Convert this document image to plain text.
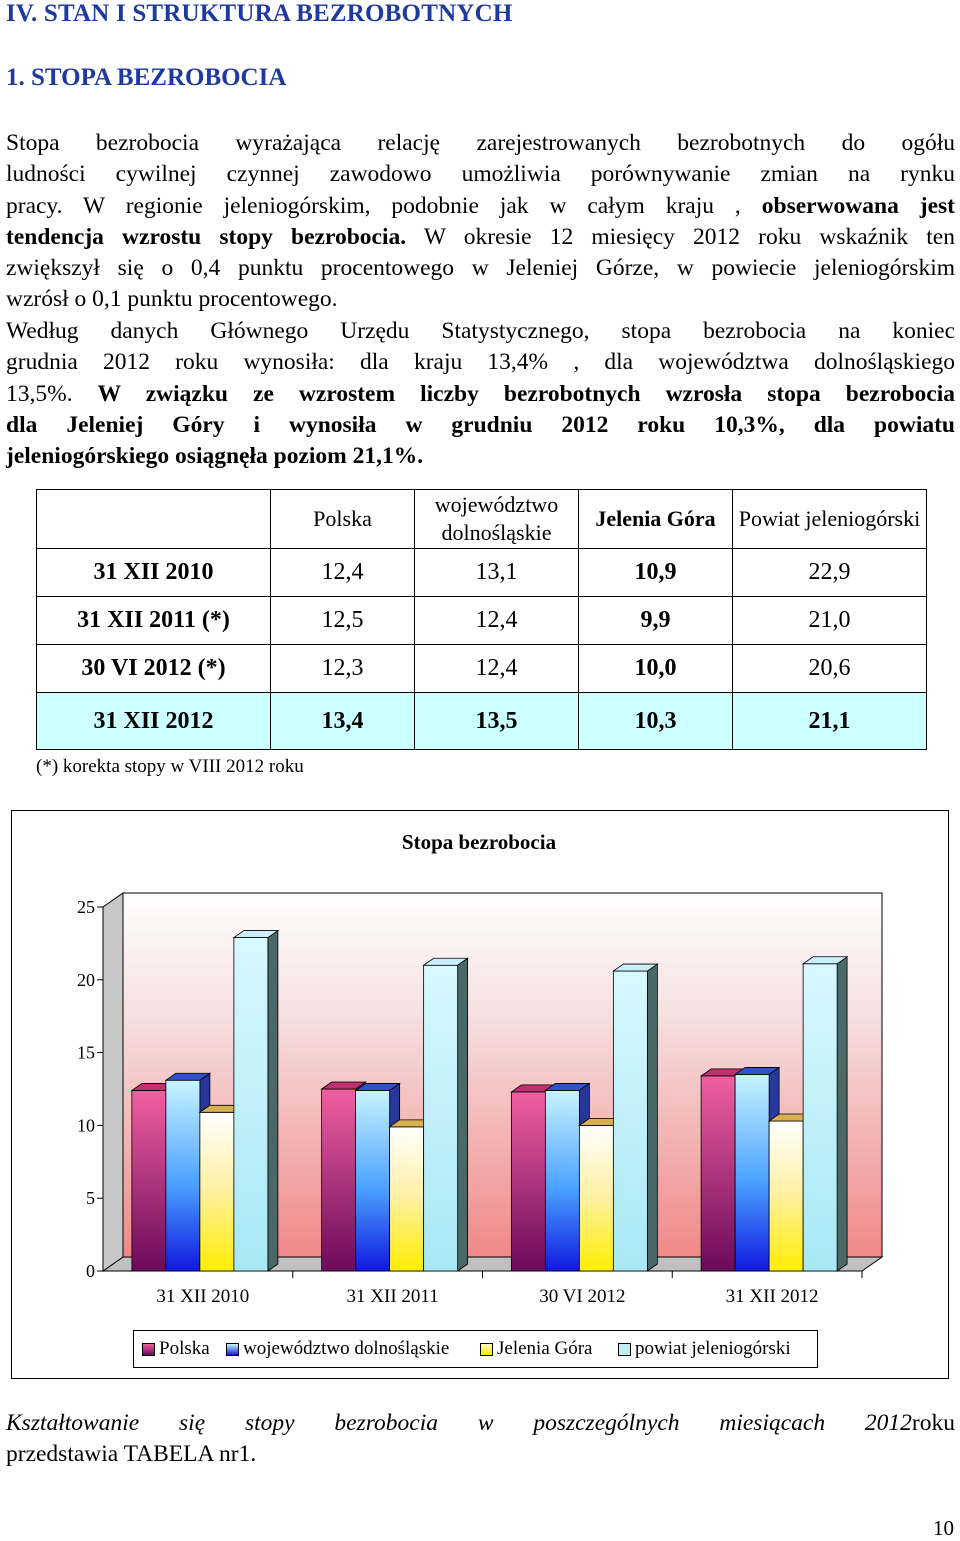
IV. STAN I STRUKTURA BEZROBOTNYCH
1. STOPA BEZROBOCIA
Stopa bezrobocia wyrażająca relację zarejestrowanych bezrobotnych do ogółu
ludności cywilnej czynnej zawodowo umożliwia porównywanie zmian na rynku
pracy. W regionie jeleniogórskim, podobnie jak w całym kraju , obserwowana jest
tendencja wzrostu stopy bezrobocia. W okresie 12 miesięcy 2012 roku wskaźnik ten
zwiększył się o 0,4 punktu procentowego w Jeleniej Górze, w powiecie jeleniogórskim
wzrósł o 0,1 punktu procentowego.
Według danych Głównego Urzędu Statystycznego, stopa bezrobocia na koniec
grudnia 2012 roku wynosiła: dla kraju 13,4% , dla województwa dolnośląskiego
13,5%. W związku ze wzrostem liczby bezrobotnych wzrosła stopa bezrobocia
dla Jeleniej Góry i wynosiła w grudniu 2012 roku 10,3%, dla powiatu
jeleniogórskiego osiągnęła poziom 21,1%.
	Polska	województwo dolnośląskie	Jelenia Góra	Powiat jeleniogórski
31 XII 2010	12,4	13,1	10,9	22,9
31 XII 2011 (*)	12,5	12,4	9,9	21,0
30 VI 2012 (*)	12,3	12,4	10,0	20,6
31 XII 2012	13,4	13,5	10,3	21,1
(*) korekta stopy w VIII 2012 roku
Stopa bezrobocia
0
5
10
15
20
25
31 XII 2010	31 XII 2011	30 VI 2012	31 XII 2012
Polska województwo dolnośląskie	Jelenia Góra powiat jeleniogórski
Kształtowanie się stopy bezrobocia w poszczególnych miesiącach 2012roku
przedstawia TABELA nr1.
10
